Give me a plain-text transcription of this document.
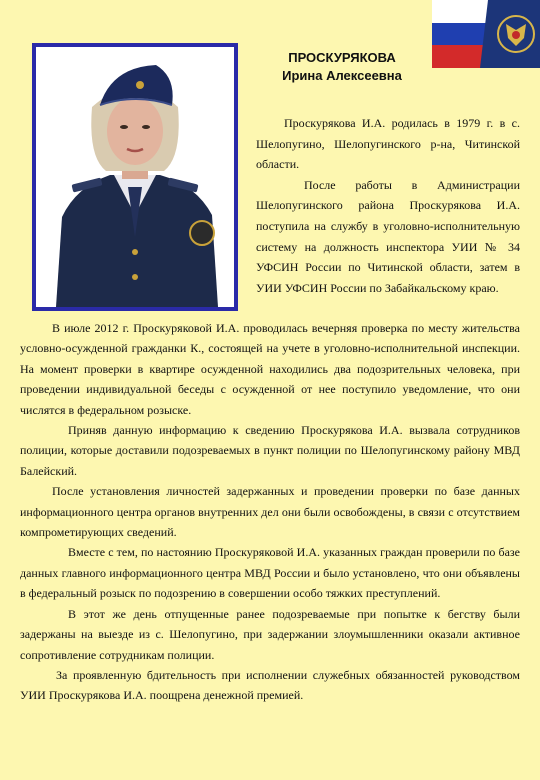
ПРОСКУРЯКОВА
Ирина Алексеевна

Проскурякова И.А. родилась в 1979 г. в с. Шелопугино, Шелопугинского р-на, Читинской области.

После работы в Администрации Шелопугинского района Проскурякова И.А. поступила на службу в уголовно-исполнительную систему на должность инспектора УИИ № 34 УФСИН России по Читинской области, затем в УИИ УФСИН России по Забайкальскому краю.

В июле 2012 г. Проскуряковой И.А. проводилась вечерняя проверка по месту жительства условно-осужденной гражданки К., состоящей на учете в уголовно-исполнительной инспекции. На момент проверки в квартире осужденной находились два подозрительных человека, при проведении индивидуальной беседы с осужденной от нее поступило уведомление, что они числятся в федеральном розыске.

Приняв данную информацию к сведению Проскурякова И.А. вызвала сотрудников полиции, которые доставили подозреваемых в пункт полиции по Шелопугинскому району МВД Балейский.

После установления личностей задержанных и проведении проверки по базе данных информационного центра органов внутренних дел они были освобождены, в связи с отсутствием компрометирующих сведений.

Вместе с тем, по настоянию Проскуряковой И.А. указанных граждан проверили по базе данных главного информационного центра МВД России и было установлено, что они объявлены в федеральный розыск по подозрению в совершении особо тяжких преступлений.

В этот же день отпущенные ранее подозреваемые при попытке к бегству были задержаны на выезде из с. Шелопугино, при задержании злоумышленники оказали активное сопротивление сотрудникам полиции.

За проявленную бдительность при исполнении служебных обязанностей руководством УИИ Проскурякова И.А. поощрена денежной премией.
